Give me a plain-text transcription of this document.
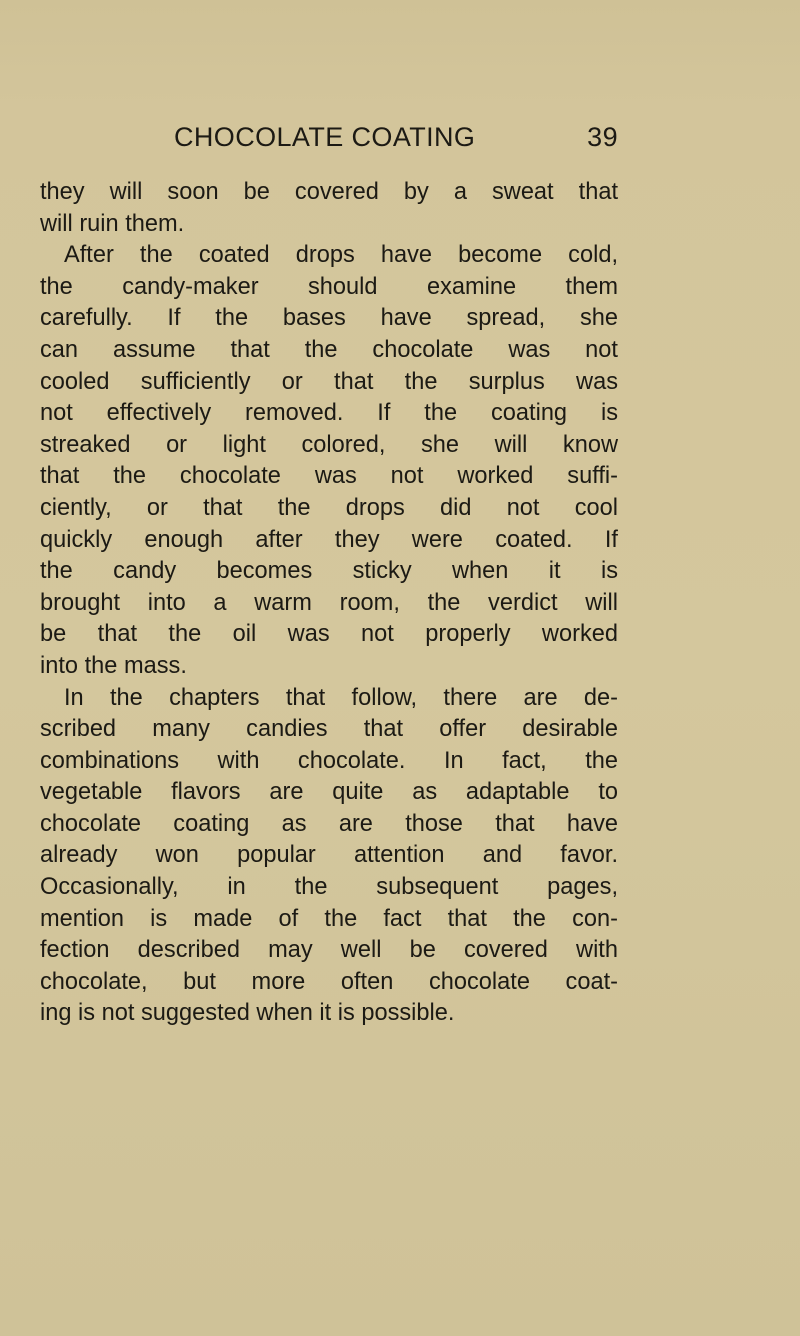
CHOCOLATE COATING	39
they will soon be covered by a sweat that
will ruin them.
After the coated drops have become cold,
the candy-maker should examine them
carefully. If the bases have spread, she
can assume that the chocolate was not
cooled sufficiently or that the surplus was
not effectively removed. If the coating is
streaked or light colored, she will know
that the chocolate was not worked suffi-
ciently, or that the drops did not cool
quickly enough after they were coated. If
the candy becomes sticky when it is
brought into a warm room, the verdict will
be that the oil was not properly worked
into the mass.
In the chapters that follow, there are de-
scribed many candies that offer desirable
combinations with chocolate. In fact, the
vegetable flavors are quite as adaptable to
chocolate coating as are those that have
already won popular attention and favor.
Occasionally, in the subsequent pages,
mention is made of the fact that the con-
fection described may well be covered with
chocolate, but more often chocolate coat-
ing is not suggested when it is possible.
